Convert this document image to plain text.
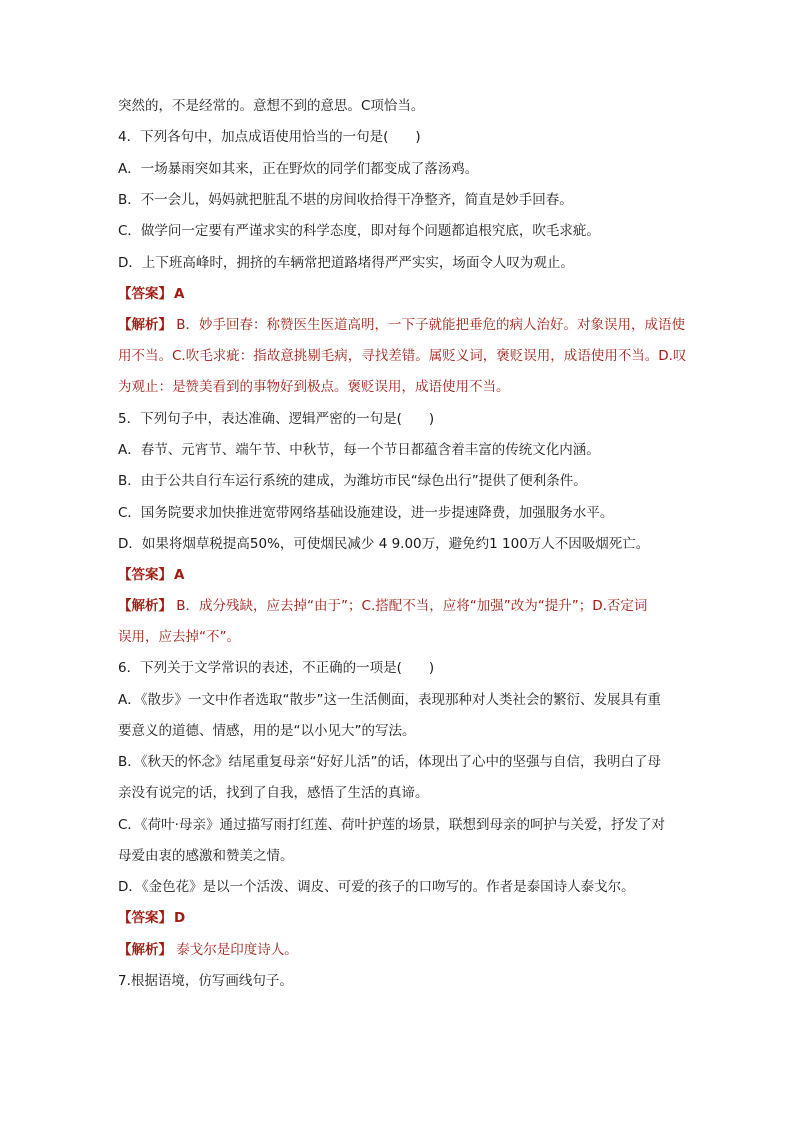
突然的，不是经常的。意想不到的意思。C项恰当。
4．下列各句中，加点成语使用恰当的一句是(　　)
A．一场暴雨突如其来，正在野炊的同学们都变成了落汤鸡。
B．不一会儿，妈妈就把脏乱不堪的房间收拾得干净整齐，简直是妙手回春。
C．做学问一定要有严谨求实的科学态度，即对每个问题都追根究底，吹毛求疵。
D．上下班高峰时，拥挤的车辆常把道路堵得严严实实，场面令人叹为观止。
【答案】 A
【解析】 B．妙手回春：称赞医生医道高明，一下子就能把垂危的病人治好。对象误用，成语使
用不当。C.吹毛求疵：指故意挑剔毛病，寻找差错。属贬义词，褒贬误用，成语使用不当。D.叹
为观止：是赞美看到的事物好到极点。褒贬误用，成语使用不当。
5．下列句子中，表达准确、逻辑严密的一句是(　　)
A．春节、元宵节、端午节、中秋节，每一个节日都蕴含着丰富的传统文化内涵。
B．由于公共自行车运行系统的建成，为潍坊市民“绿色出行”提供了便利条件。
C．国务院要求加快推进宽带网络基础设施建设，进一步提速降费，加强服务水平。
D．如果将烟草税提高50%，可使烟民减少 4 9.00万，避免约1 100万人不因吸烟死亡。
【答案】 A
【解析】 B．成分残缺，应去掉“由于”；C.搭配不当，应将“加强”改为“提升”；D.否定词
误用，应去掉“不”。
6．下列关于文学常识的表述，不正确的一项是(　　)
A．《散步》一文中作者选取“散步”这一生活侧面，表现那种对人类社会的繁衍、发展具有重
要意义的道德、情感，用的是“以小见大”的写法。
B．《秋天的怀念》结尾重复母亲“好好儿活”的话，体现出了心中的坚强与自信，我明白了母
亲没有说完的话，找到了自我，感悟了生活的真谛。
C．《荷叶·母亲》通过描写雨打红莲、荷叶护莲的场景，联想到母亲的呵护与关爱，抒发了对
母爱由衷的感激和赞美之情。
D．《金色花》是以一个活泼、调皮、可爱的孩子的口吻写的。作者是泰国诗人泰戈尔。
【答案】 D
【解析】 泰戈尔是印度诗人。
7.根据语境，仿写画线句子。
